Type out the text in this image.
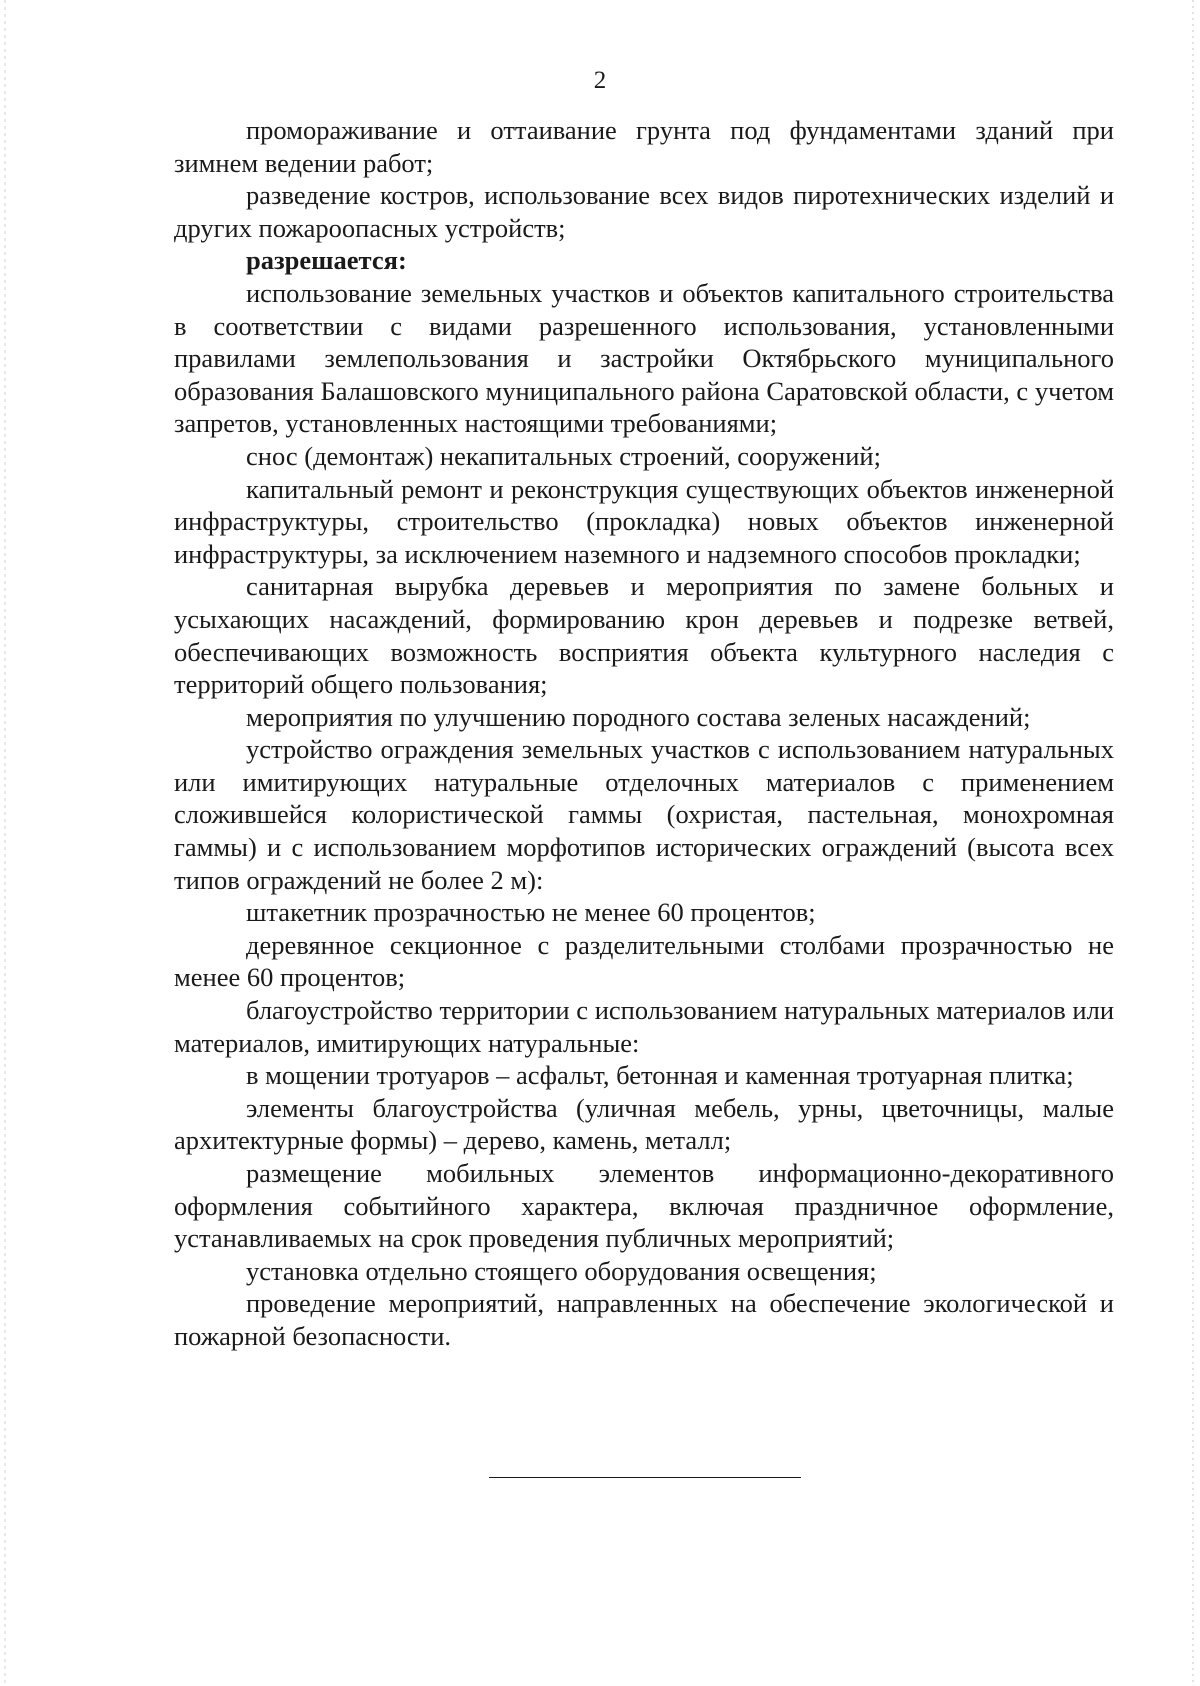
2

промораживание и оттаивание грунта под фундаментами зданий при зимнем ведении работ;

разведение костров, использование всех видов пиротехнических изделий и других пожароопасных устройств;

разрешается:

использование земельных участков и объектов капитального строительства в соответствии с видами разрешенного использования, установленными правилами землепользования и застройки Октябрьского муниципального образования Балашовского муниципального района Саратовской области, с учетом запретов, установленных настоящими требованиями;

снос (демонтаж) некапитальных строений, сооружений;

капитальный ремонт и реконструкция существующих объектов инженерной инфраструктуры, строительство (прокладка) новых объектов инженерной инфраструктуры, за исключением наземного и надземного способов прокладки;

санитарная вырубка деревьев и мероприятия по замене больных и усыхающих насаждений, формированию крон деревьев и подрезке ветвей, обеспечивающих возможность восприятия объекта культурного наследия с территорий общего пользования;

мероприятия по улучшению породного состава зеленых насаждений;

устройство ограждения земельных участков с использованием натуральных или имитирующих натуральные отделочных материалов с применением сложившейся колористической гаммы (охристая, пастельная, монохромная гаммы) и с использованием морфотипов исторических ограждений (высота всех типов ограждений не более 2 м):

штакетник прозрачностью не менее 60 процентов;

деревянное секционное с разделительными столбами прозрачностью не менее 60 процентов;

благоустройство территории с использованием натуральных материалов или материалов, имитирующих натуральные:

в мощении тротуаров – асфальт, бетонная и каменная тротуарная плитка;

элементы благоустройства (уличная мебель, урны, цветочницы, малые архитектурные формы) – дерево, камень, металл;

размещение мобильных элементов информационно-декоративного оформления событийного характера, включая праздничное оформление, устанавливаемых на срок проведения публичных мероприятий;

установка отдельно стоящего оборудования освещения;

проведение мероприятий, направленных на обеспечение экологической и пожарной безопасности.
